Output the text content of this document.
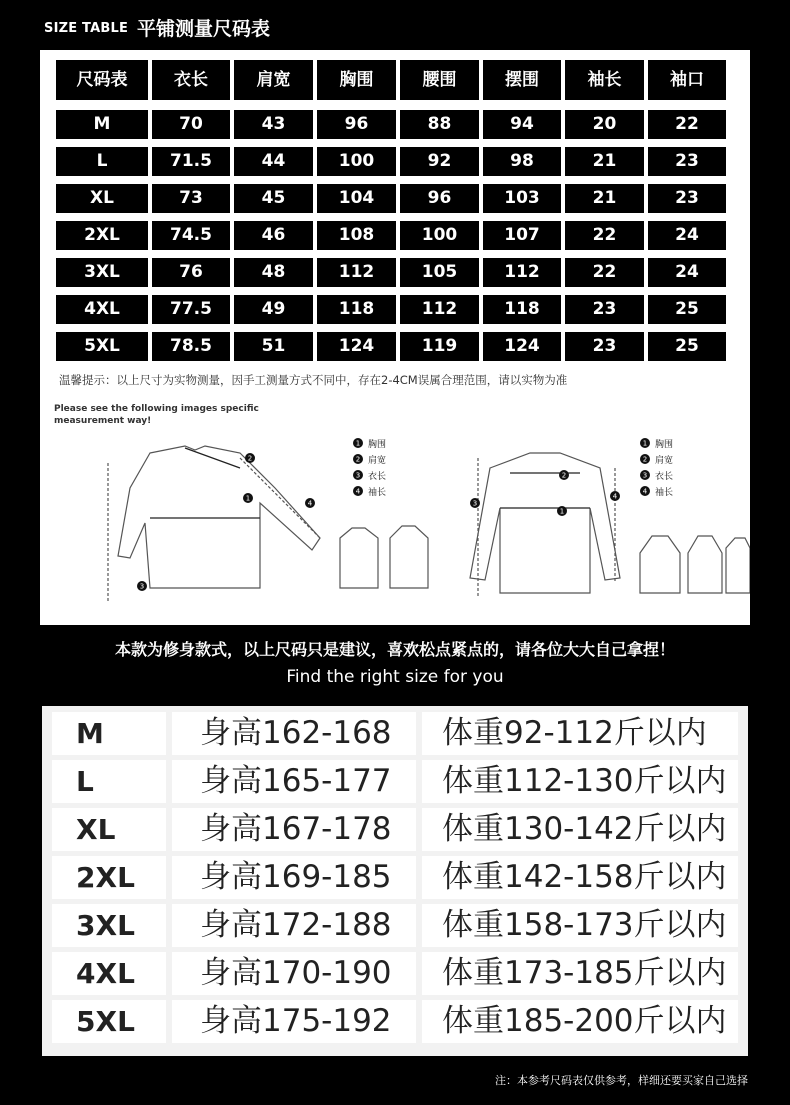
SIZE TABLE 平铺测量尺码表
尺码表	衣长	肩宽	胸围	腰围	摆围	袖长	袖口
M	70	43	96	88	94	20	22
L	71.5	44	100	92	98	21	23
XL	73	45	104	96	103	21	23
2XL	74.5	46	108	100	107	22	24
3XL	76	48	112	105	112	22	24
4XL	77.5	49	118	112	118	23	25
5XL	78.5	51	124	119	124	23	25
温馨提示：以上尺寸为实物测量，因手工测量方式不同中，存在2-4CM误属合理范围，请以实物为准
Please see the following images specific
measurement way!
胸围
肩宽
衣长
袖长
胸围
肩宽
衣长
袖长
1
2
3
4
1
2
3
4
1
2
3
4
1
2
3
4
本款为修身款式，以上尺码只是建议，喜欢松点紧点的，请各位大大自己拿捏！
Find the right size for you
M	身高162-168	体重92-112斤以内
L	身高165-177	体重112-130斤以内
XL	身高167-178	体重130-142斤以内
2XL	身高169-185	体重142-158斤以内
3XL	身高172-188	体重158-173斤以内
4XL	身高170-190	体重173-185斤以内
5XL	身高175-192	体重185-200斤以内
注：本参考尺码表仅供参考，样细还要买家自己选择
